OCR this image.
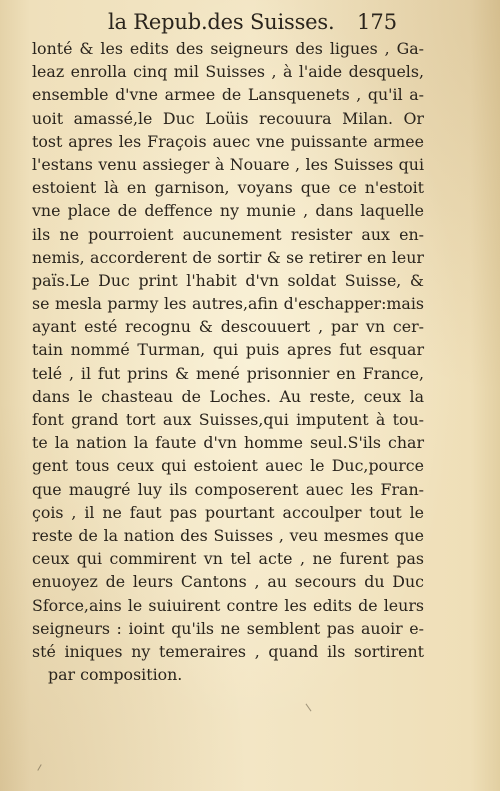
la Repub.des Suisses. 175
lonté & les edits des seigneurs des ligues , Ga-
leaz enrolla cinq mil Suisses , à l'aide desquels,
ensemble d'vne armee de Lansquenets , qu'il a-
uoit amassé,le Duc Loüis recouura Milan. Or
tost apres les Fraçois auec vne puissante armee
l'estans venu assieger à Nouare , les Suisses qui
estoient là en garnison, voyans que ce n'estoit
vne place de deffence ny munie , dans laquelle
ils ne pourroient aucunement resister aux en-
nemis, accorderent de sortir & se retirer en leur
païs.Le Duc print l'habit d'vn soldat Suisse, &
se mesla parmy les autres,afin d'eschapper:mais
ayant esté recognu & descouuert , par vn cer-
tain nommé Turman, qui puis apres fut esquar
telé , il fut prins & mené prisonnier en France,
dans le chasteau de Loches. Au reste, ceux la
font grand tort aux Suisses,qui imputent à tou-
te la nation la faute d'vn homme seul.S'ils char
gent tous ceux qui estoient auec le Duc,pource
que maugré luy ils composerent auec les Fran-
çois , il ne faut pas pourtant accoulper tout le
reste de la nation des Suisses , veu mesmes que
ceux qui commirent vn tel acte , ne furent pas
enuoyez de leurs Cantons , au secours du Duc
Sforce,ains le suiuirent contre les edits de leurs
seigneurs : ioint qu'ils ne semblent pas auoir e-
sté iniques ny temeraires , quand ils sortirent
par composition.
